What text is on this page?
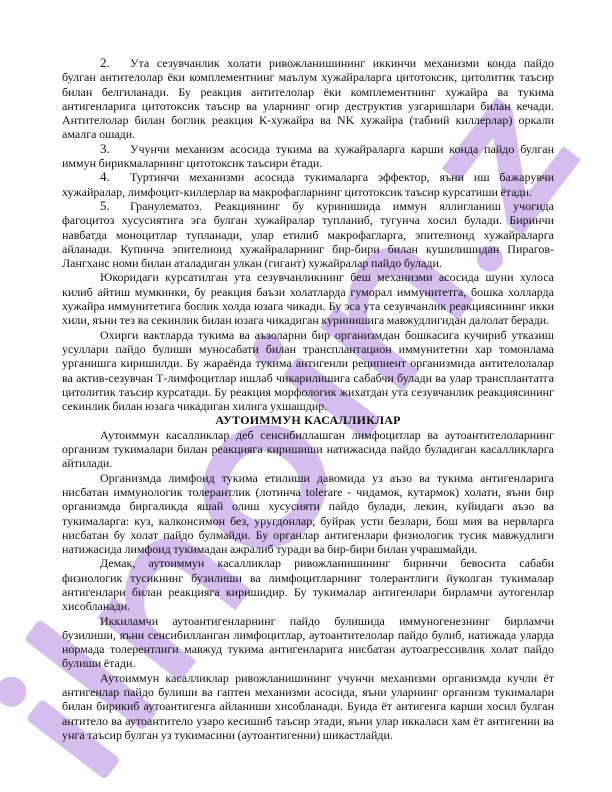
2. Ута сезувчанлик холати ривожланишининг иккинчи механизми конда пайдо
булган антителолар ёки комплементнинг маълум хужайраларга цитотоксик, цитолитик таъсир
билан белгиланади. Бу реакция антителолар ёки комплементнинг хужайра ва тукима
антигенларига цитотоксик таъсир ва уларнинг огир деструктив узгаришлари билан кечади.
Антителолар билан боглик реакция К-хужайра ва NK хужайра (табиий киллерлар) оркали
амалга ошади.
3. Учунчи механизм асосида тукима ва хужайраларга карши конда пайдо булган
иммун бирикмаларнинг цитотоксик таъсири ётади.
4. Туртинчи механизми асосида тукималарга эффектор, яъни иш бажарувчи
хужайралар, лимфоцит-киллерлар ва макрофагларнинг цитотоксик таъсир курсатиши ётади.
5. Гранулематоз. Реакциянинг бу куринишида иммун яллигланиш учогида
фагоцитоз хусусиятига эга булган хужайралар тупланиб, тугунча хосил булади. Биринчи
навбатда моноцитлар тупланади, улар етилиб макрофагларга, эпителиоид хужайраларга
айланади. Купинча эпителиоид хужайраларнинг бир-бири билан кушилишидан Пирагов-
Лангханс номи билан аталадиган улкан (гигант) хужайралар пайдо булади.
Юкоридаги курсатилган ута сезувчанликнинг беш механизми асосида шуни хулоса
килиб айтиш мумкинки, бу реакция баъзи холатларда гуморал иммунитетга, бошка холларда
хужайра иммунитетига боглик холда юзага чикади. Бу эса ута сезувчанлик реакциясининг икки
хили, яъни тез ва секинлик билан юзага чикадиган куринишига мавжудлигидан далолат беради.
Охирги вактларда тукима ва аъзоларни бир организмдан бошкасига кучириб утказиш
усуллари пайдо булиши муносабати билан трансплантацион иммунитетни хар томонлама
урганишга киришилди. Бу жараёнда тукима антигенли реципиент организмида антителолалар
ва актив-сезувчан Т-лимфоцитлар ишлаб чикарилишига сабабчи булади ва улар трансплантатга
цитолитик таъсир курсатади. Бу реакция морфологик жихатдан ута сезувчанлик реакциясининг
секинлик билан юзага чикадиган хилига ухшашдир.
АУТОИММУН КАСАЛЛИКЛАР
Аутоиммун касалликлар деб сенсибиллашган лимфоцитлар ва аутоантителоларнинг
организм тукималари билан реакцияга киришиши натижасида пайдо буладиган касалликларга
айтилади.
Организмда лимфоид тукима етилиши давомида уз аъзо ва тукима антигенларига
нисбатан иммунологик толерантлик (лотинча tolerare - чидамок, кутармок) холати, яъни бир
организмда биргаликда яшай олиш хусусияти пайдо булади, лекин, куйидаги аъзо ва
тукималарга: куз, калконсимон без, уругдонлар, буйрак усти безлари, бош мия ва нервларга
нисбатан бу холат пайдо булмайди. Бу органлар антигенлари физиологик тусик мавжудлиги
натижасида лимфоид тукимадан ажралиб туради ва бир-бири билан учрашмайди.
Демак, аутоиммун касалликлар ривожланишининг биринчи бевосита сабаби
физиологик тусикнинг бузилиши ва лимфоцитларнинг толерантлиги йуколган тукималар
антигенлари билан реакцияга киришидир. Бу тукималар антигенлари бирламчи аутогенлар
хисобланади.
Иккиламчи аутоантигенларнинг пайдо булишида иммуногенезнинг бирламчи
бузилиши, яъни сенсибилланган лимфоцитлар, аутоантителолар пайдо булиб, натижада уларда
нормада толерентлиги мавжуд тукима антигенларига нисбатан аутоагрессивлик холат пайдо
булиши ётади.
Аутоиммун касалликлар ривожланишининг учунчи механизми организмда кучли ёт
антигенлар пайдо булиши ва гаптен механизми асосида, яъни уларнинг организм тукималари
билан бирикиб аутоантигенга айланиши хисобланади. Бунда ёт антигенга карши хосил булган
антитело ва аутоантитело узаро кесишиб таъсир этади, яъни улар иккаласи хам ёт антигенни ва
унга таъсир булган уз тукимасини (аутоантигенни) шикастлайди.
